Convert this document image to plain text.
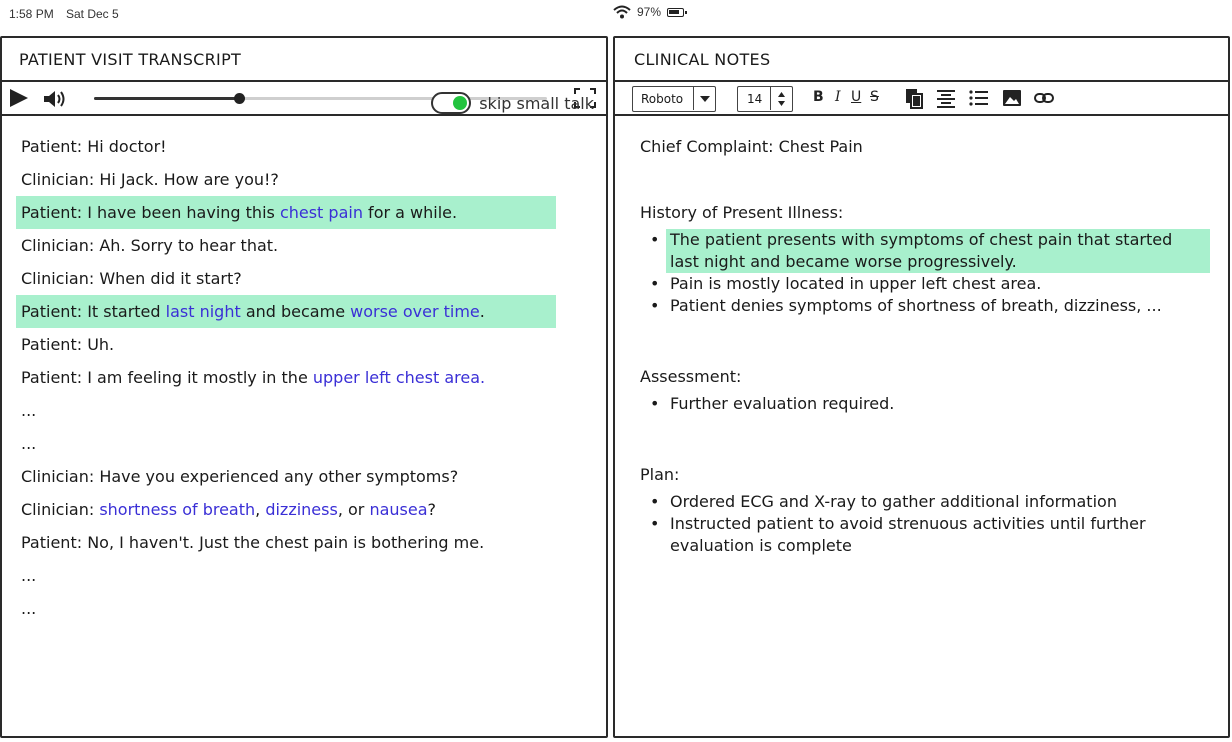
1:58 PM Sat Dec 5	97%
PATIENT VISIT TRANSCRIPT
skip small talk
Patient: Hi doctor!
Clinician: Hi Jack. How are you!?
Patient: I have been having this chest pain for a while.
Clinician: Ah. Sorry to hear that.
Clinician: When did it start?
Patient: It started last night and became worse over time .
Patient: Uh.
Patient: I am feeling it mostly in the upper left chest area.
...
...
Clinician: Have you experienced any other symptoms?
Clinician:
shortness of breath , dizziness , or nausea ?
Patient: No, I haven't. Just the chest pain is bothering me.
...
...
CLINICAL NOTES
Roboto	14	B I U S
Chief Complaint: Chest Pain
History of Present Illness:
• The patient presents with symptoms of chest pain that started last night and became worse progressively.
• Pain is mostly located in upper left chest area.
• Patient denies symptoms of shortness of breath, dizziness, ...
Assessment:
• Further evaluation required.
Plan:
• Ordered ECG and X-ray to gather additional information
• Instructed patient to avoid strenuous activities until further evaluation is complete
